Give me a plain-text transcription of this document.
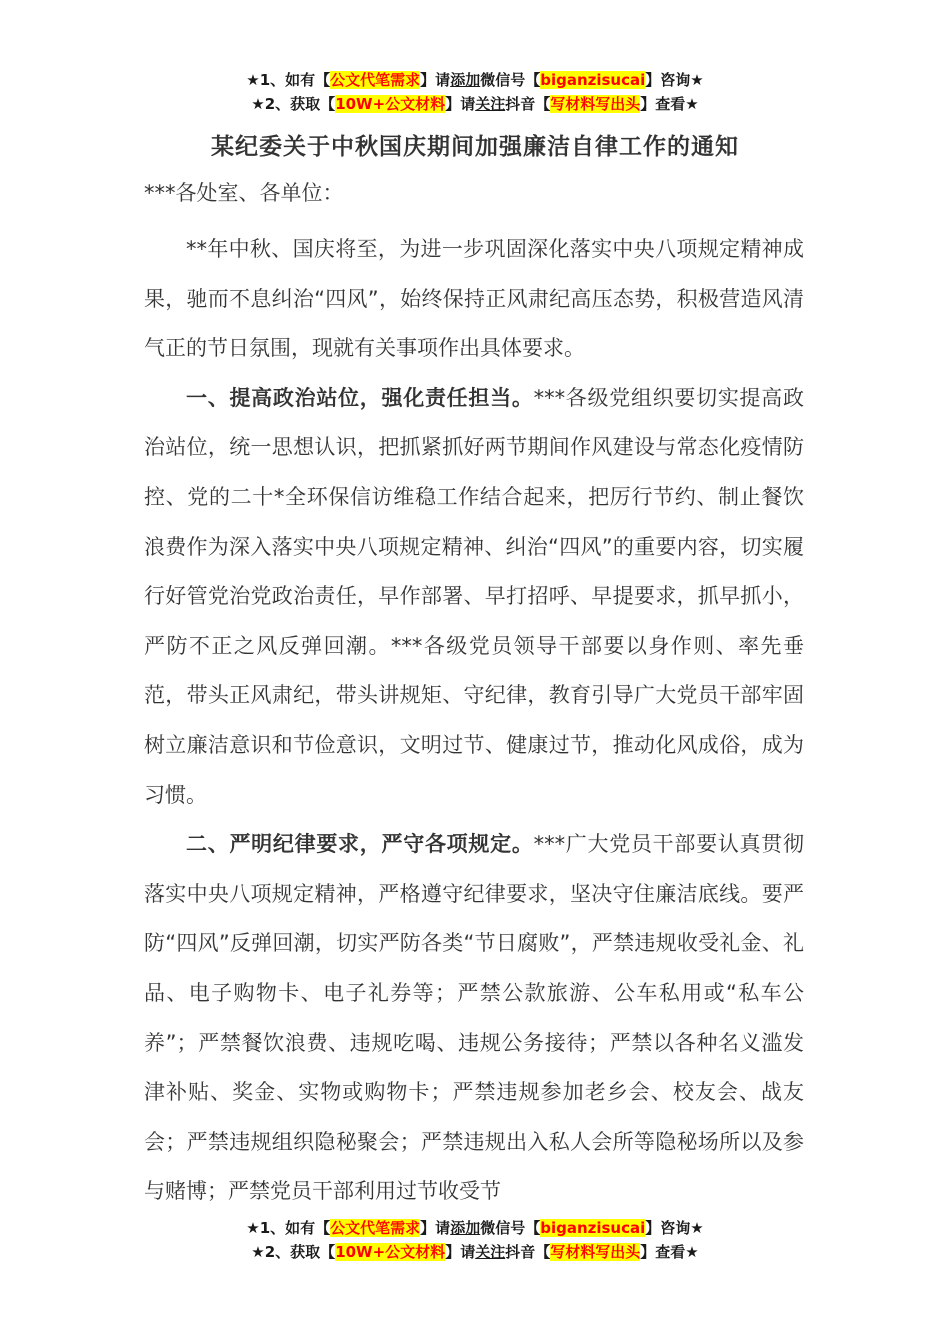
★1、如有【公文代笔需求】请添加微信号【biganzisucai】咨询★
★2、获取【10W+公文材料】请关注抖音【写材料写出头】查看★
某纪委关于中秋国庆期间加强廉洁自律工作的通知
***各处室、各单位：

**年中秋、国庆将至，为进一步巩固深化落实中央八项规定精神成果，驰而不息纠治“四风”，始终保持正风肃纪高压态势，积极营造风清气正的节日氛围，现就有关事项作出具体要求。

一、提高政治站位，强化责任担当。***各级党组织要切实提高政治站位，统一思想认识，把抓紧抓好两节期间作风建设与常态化疫情防控、党的二十*全环保信访维稳工作结合起来，把厉行节约、制止餐饮浪费作为深入落实中央八项规定精神、纠治“四风”的重要内容，切实履行好管党治党政治责任，早作部署、早打招呼、早提要求，抓早抓小，严防不正之风反弹回潮。***各级党员领导干部要以身作则、率先垂范，带头正风肃纪，带头讲规矩、守纪律，教育引导广大党员干部牢固树立廉洁意识和节俭意识，文明过节、健康过节，推动化风成俗，成为习惯。

二、严明纪律要求，严守各项规定。***广大党员干部要认真贯彻落实中央八项规定精神，严格遵守纪律要求，坚决守住廉洁底线。要严防“四风”反弹回潮，切实严防各类“节日腐败”，严禁违规收受礼金、礼品、电子购物卡、电子礼券等；严禁公款旅游、公车私用或“私车公养”；严禁餐饮浪费、违规吃喝、违规公务接待；严禁以各种名义滥发津补贴、奖金、实物或购物卡；严禁违规参加老乡会、校友会、战友会；严禁违规组织隐秘聚会；严禁违规出入私人会所等隐秘场所以及参与赌博；严禁党员干部利用过节收受节

★1、如有【公文代笔需求】请添加微信号【biganzisucai】咨询★
★2、获取【10W+公文材料】请关注抖音【写材料写出头】查看★
